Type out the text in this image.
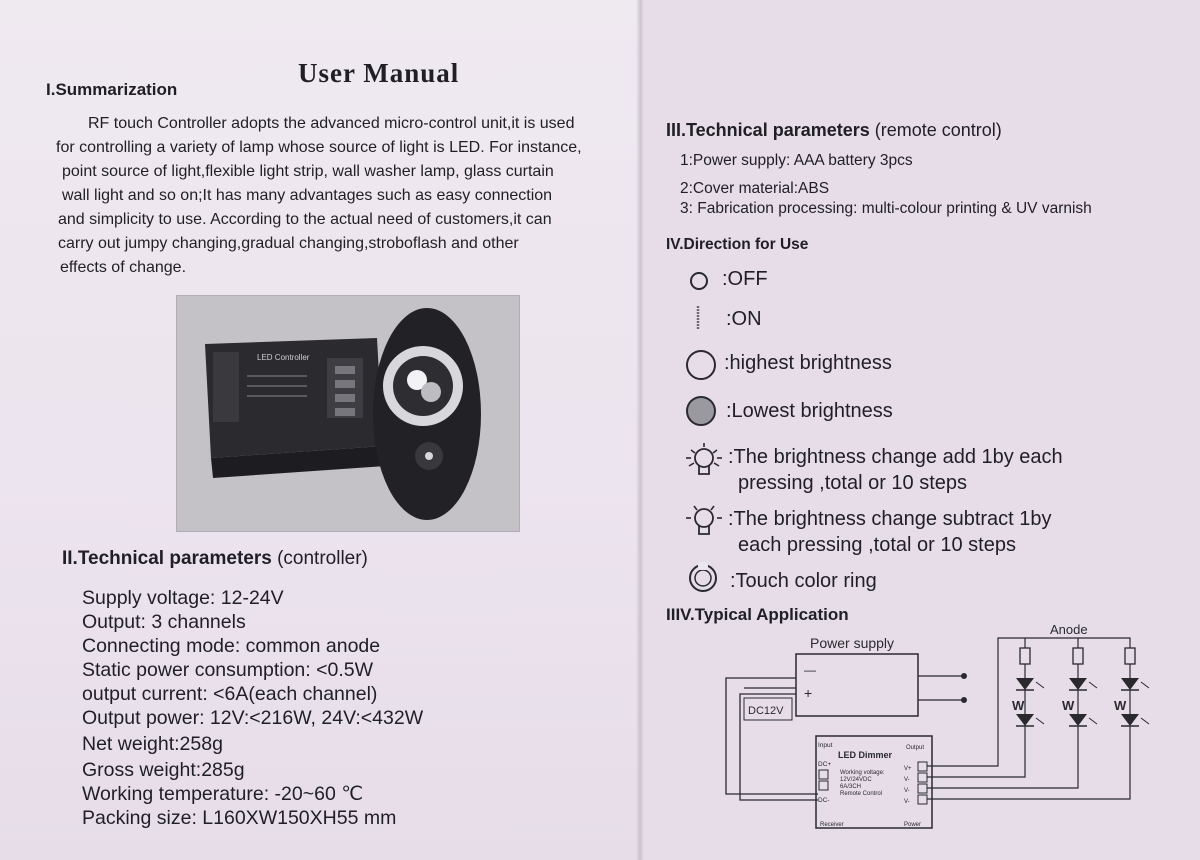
User Manual
I.Summarization
RF touch Controller adopts the advanced micro-control unit,it is used
for controlling a variety of lamp whose source of light is LED. For instance,
point source of light,flexible light strip, wall washer lamp, glass curtain
wall light and so on;It has many advantages such as easy connection
and simplicity to use. According to the actual need of customers,it can
carry out jumpy changing,gradual changing,stroboflash and other
effects of change.
LED Controller
II.Technical parameters (controller)
Supply voltage: 12-24V
Output: 3 channels
Connecting mode: common anode
Static power consumption: <0.5W
output current: <6A(each channel)
Output power: 12V:<216W, 24V:<432W
Net weight:258g
Gross weight:285g
Working temperature: -20~60 ℃
Packing size: L160XW150XH55 mm
III.Technical parameters (remote control)
1:Power supply: AAA battery 3pcs
2:Cover material:ABS
3: Fabrication processing: multi-colour printing & UV varnish
IV.Direction for Use
:OFF
:ON
:highest brightness
:Lowest brightness
:The brightness change add 1by each
pressing ,total or 10 steps
:The brightness change subtract 1by
each pressing ,total or 10 steps
:Touch color ring
IIIV.Typical Application
Power supply
—
+
DC12V
Input
LED Dimmer
Output
DC+
DC-
Working voltage:
12V/24VDC
6A/3CH
Remote Control
Receiver	Power
V+
V-
V-
V-
Anode
W	W	W
